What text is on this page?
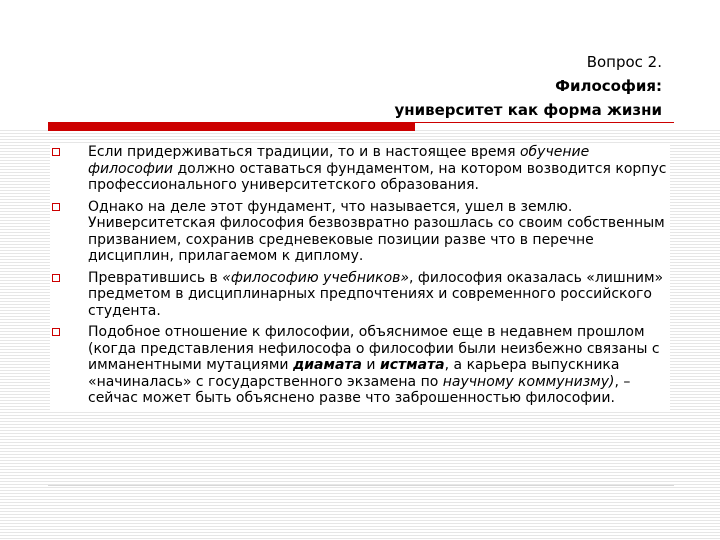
Вопрос 2.
Философия:
университет как форма жизни
Если придерживаться традиции, то и в настоящее время обучение философии должно оставаться фундаментом, на котором возводится корпус профессионального университетского образования.
Однако на деле этот фундамент, что называется, ушел в землю. Университетская философия безвозвратно разошлась со своим собственным призванием, сохранив средневековые позиции разве что в перечне дисциплин, прилагаемом к диплому.
Превратившись в «философию учебников», философия оказалась «лишним» предметом в дисциплинарных предпочтениях и современного российского студента.
Подобное отношение к философии, объяснимое еще в недавнем прошлом (когда представления нефилософа о философии были неизбежно связаны с имманентными мутациями диамата и истмата, а карьера выпускника «начиналась» с государственного экзамена по научному коммунизму), – сейчас может быть объяснено разве что заброшенностью философии.
